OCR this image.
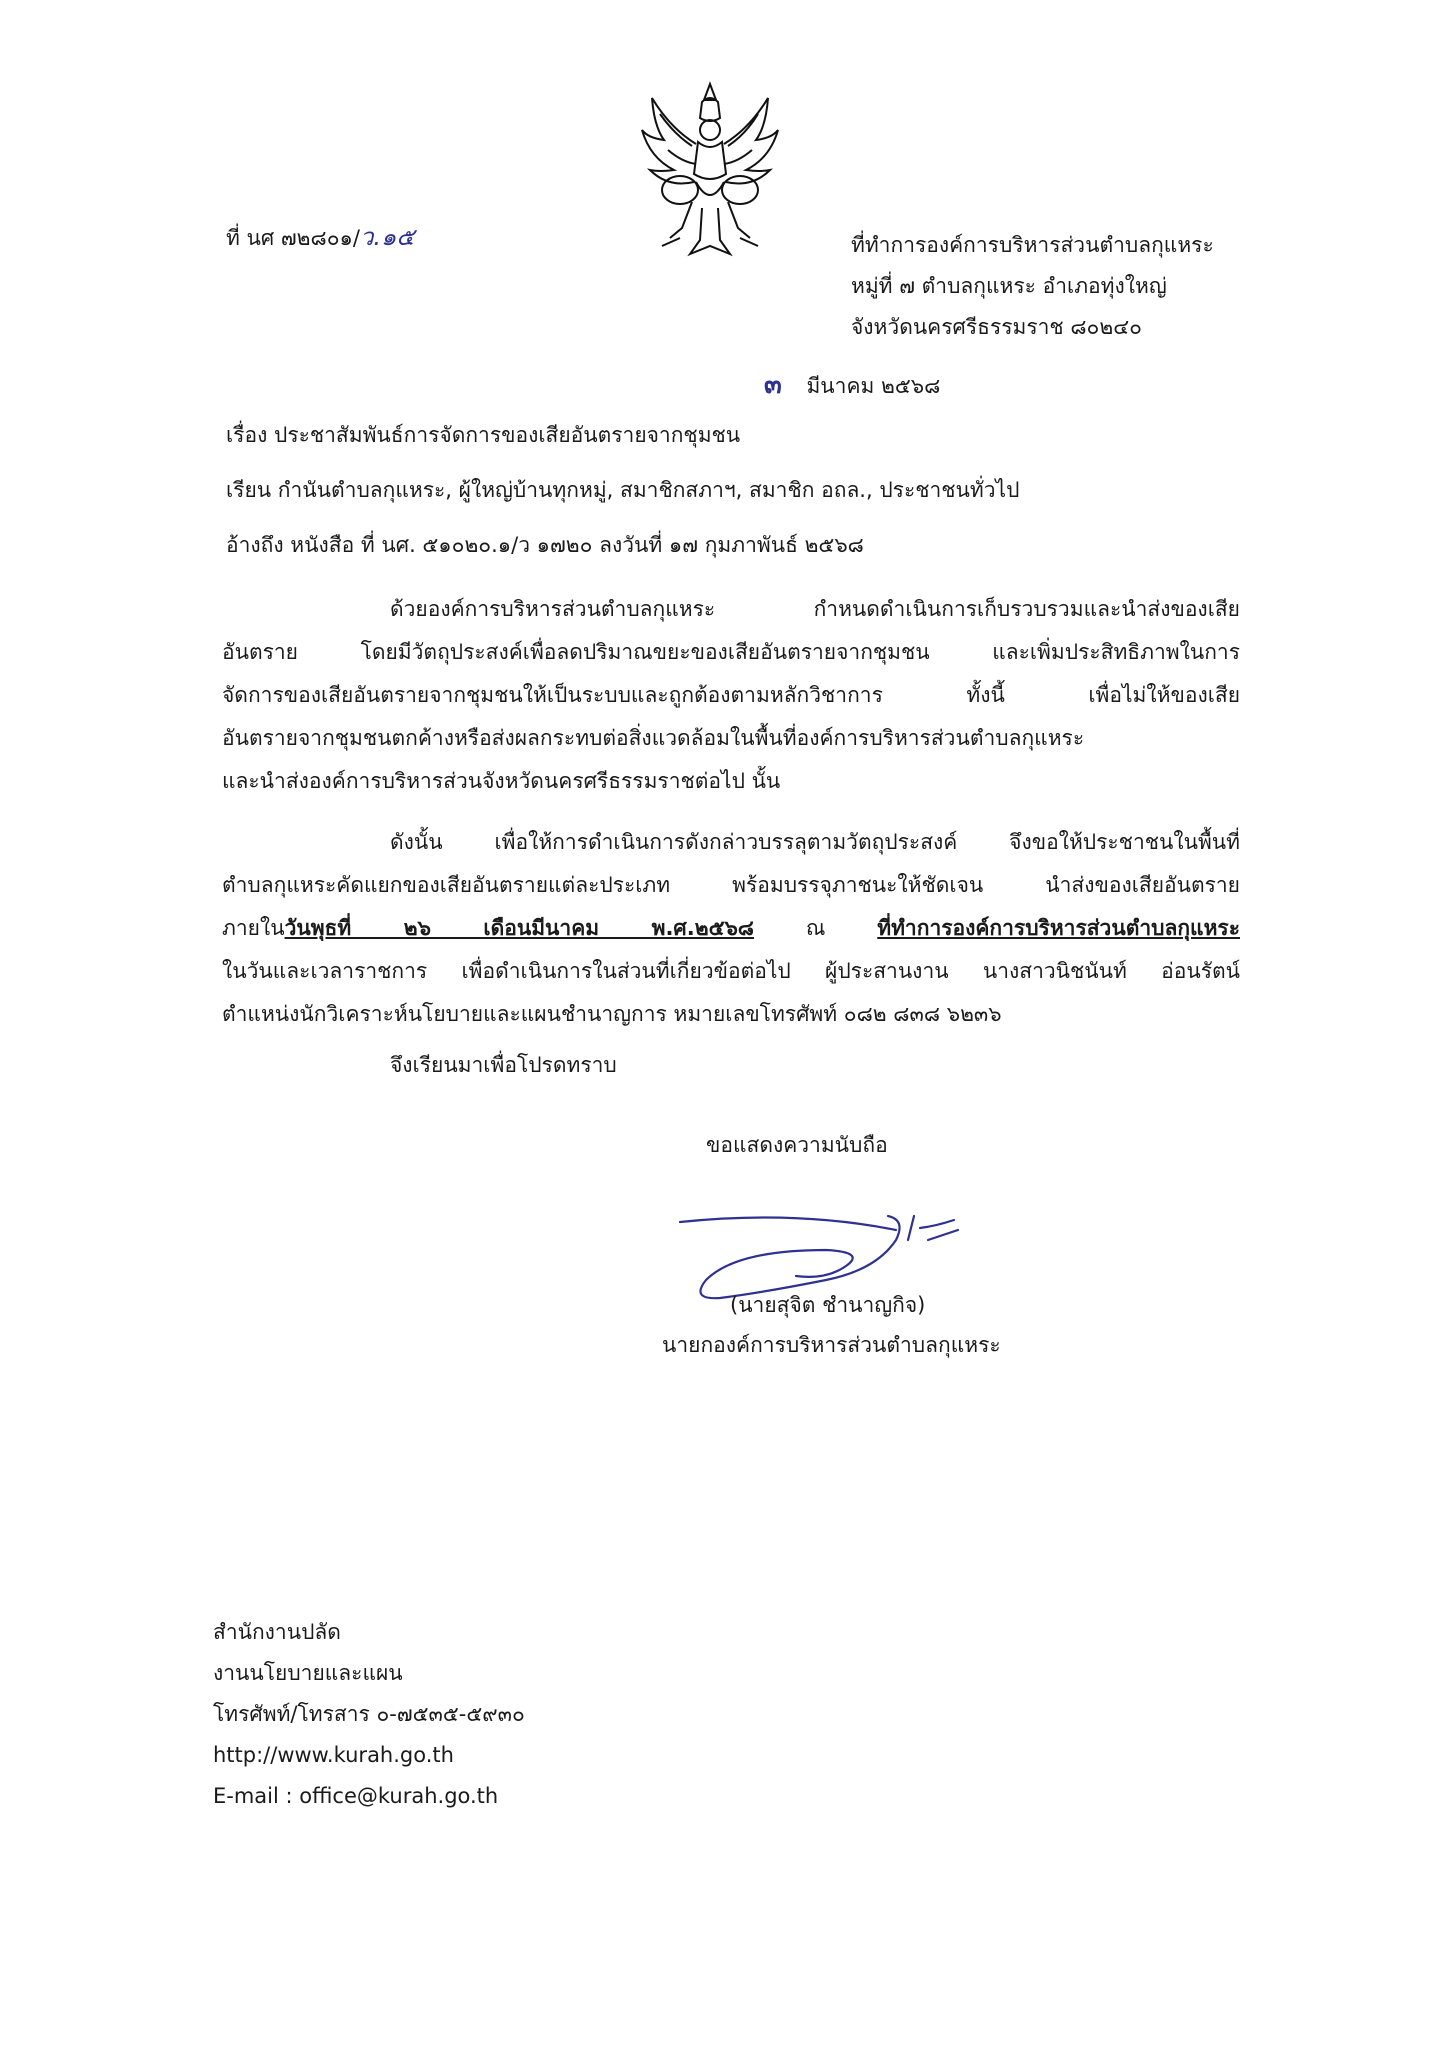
ที่ นศ ๗๒๘๐๑/ว.๑๕	ที่ทำการองค์การบริหารส่วนตำบลกุแหระ
หมู่ที่ ๗ ตำบลกุแหระ อำเภอทุ่งใหญ่
จังหวัดนครศรีธรรมราช ๘๐๒๔๐
๓ มีนาคม ๒๕๖๘
เรื่อง ประชาสัมพันธ์การจัดการของเสียอันตรายจากชุมชน
เรียน กำนันตำบลกุแหระ, ผู้ใหญ่บ้านทุกหมู่, สมาชิกสภาฯ, สมาชิก อถล., ประชาชนทั่วไป
อ้างถึง หนังสือ ที่ นศ. ๕๑๐๒๐.๑/ว ๑๗๒๐ ลงวันที่ ๑๗ กุมภาพันธ์ ๒๕๖๘
ด้วยองค์การบริหารส่วนตำบลกุแหระ กำหนดดำเนินการเก็บรวบรวมและนำส่งของเสีย
อันตราย โดยมีวัตถุประสงค์เพื่อลดปริมาณขยะของเสียอันตรายจากชุมชน และเพิ่มประสิทธิภาพในการ
จัดการของเสียอันตรายจากชุมชนให้เป็นระบบและถูกต้องตามหลักวิชาการ ทั้งนี้ เพื่อไม่ให้ของเสีย
อันตรายจากชุมชนตกค้างหรือส่งผลกระทบต่อสิ่งแวดล้อมในพื้นที่องค์การบริหารส่วนตำบลกุแหระ
และนำส่งองค์การบริหารส่วนจังหวัดนครศรีธรรมราชต่อไป นั้น
ดังนั้น เพื่อให้การดำเนินการดังกล่าวบรรลุตามวัตถุประสงค์ จึงขอให้ประชาชนในพื้นที่
ตำบลกุแหระคัดแยกของเสียอันตรายแต่ละประเภท พร้อมบรรจุภาชนะให้ชัดเจน นำส่งของเสียอันตราย
ภายในวันพุธที่ ๒๖ เดือนมีนาคม พ.ศ.๒๕๖๘ ณ ที่ทำการองค์การบริหารส่วนตำบลกุแหระ
ในวันและเวลาราชการ เพื่อดำเนินการในส่วนที่เกี่ยวข้อต่อไป ผู้ประสานงาน นางสาวนิชนันท์ อ่อนรัตน์
ตำแหน่งนักวิเคราะห์นโยบายและแผนชำนาญการ หมายเลขโทรศัพท์ ๐๘๒ ๘๓๘ ๖๒๓๖
จึงเรียนมาเพื่อโปรดทราบ
ขอแสดงความนับถือ
(นายสุจิต ชำนาญกิจ)
นายกองค์การบริหารส่วนตำบลกุแหระ
สำนักงานปลัด
งานนโยบายและแผน
โทรศัพท์/โทรสาร ๐-๗๕๓๕-๕๙๓๐
http://www.kurah.go.th
E-mail : office@kurah.go.th
